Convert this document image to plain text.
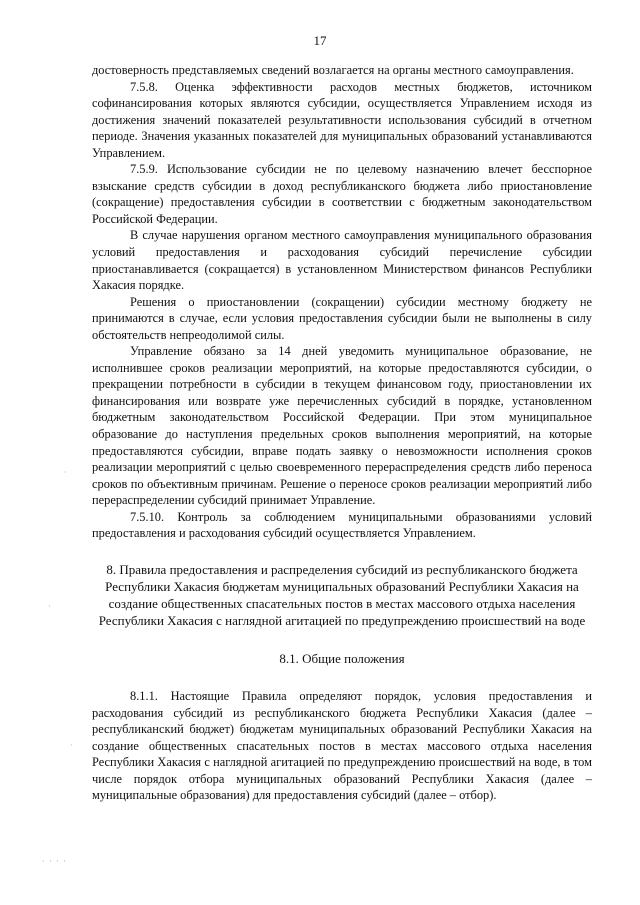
17

достоверность представляемых сведений возлагается на органы местного самоуправления.

7.5.8. Оценка эффективности расходов местных бюджетов, источником софинансирования которых являются субсидии, осуществляется Управлением исходя из достижения значений показателей результативности использования субсидий в отчетном периоде. Значения указанных показателей для муниципальных образований устанавливаются Управлением.

7.5.9. Использование субсидии не по целевому назначению влечет бесспорное взыскание средств субсидии в доход республиканского бюджета либо приостановление (сокращение) предоставления субсидии в соответствии с бюджетным законодательством Российской Федерации.

В случае нарушения органом местного самоуправления муниципального образования условий предоставления и расходования субсидий перечисление субсидии приостанавливается (сокращается) в установленном Министерством финансов Республики Хакасия порядке.

Решения о приостановлении (сокращении) субсидии местному бюджету не принимаются в случае, если условия предоставления субсидии были не выполнены в силу обстоятельств непреодолимой силы.

Управление обязано за 14 дней уведомить муниципальное образование, не исполнившее сроков реализации мероприятий, на которые предоставляются субсидии, о прекращении потребности в субсидии в текущем финансовом году, приостановлении их финансирования или возврате уже перечисленных субсидий в порядке, установленном бюджетным законодательством Российской Федерации. При этом муниципальное образование до наступления предельных сроков выполнения мероприятий, на которые предоставляются субсидии, вправе подать заявку о невозможности исполнения сроков реализации мероприятий с целью своевременного перераспределения средств либо переноса сроков по объективным причинам. Решение о переносе сроков реализации мероприятий либо перераспределении субсидий принимает Управление.

7.5.10. Контроль за соблюдением муниципальными образованиями условий предоставления и расходования субсидий осуществляется Управлением.

8. Правила предоставления и распределения субсидий из республиканского бюджета Республики Хакасия бюджетам муниципальных образований Республики Хакасия на создание общественных спасательных постов в местах массового отдыха населения Республики Хакасия с наглядной агитацией по предупреждению происшествий на воде

8.1. Общие положения

8.1.1. Настоящие Правила определяют порядок, условия предоставления и расходования субсидий из республиканского бюджета Республики Хакасия (далее – республиканский бюджет) бюджетам муниципальных образований Республики Хакасия на создание общественных спасательных постов в местах массового отдыха населения Республики Хакасия с наглядной агитацией по предупреждению происшествий на воде, в том числе порядок отбора муниципальных образований Республики Хакасия (далее – муниципальные образования) для предоставления субсидий (далее – отбор).

·
·
·
· · · ·
